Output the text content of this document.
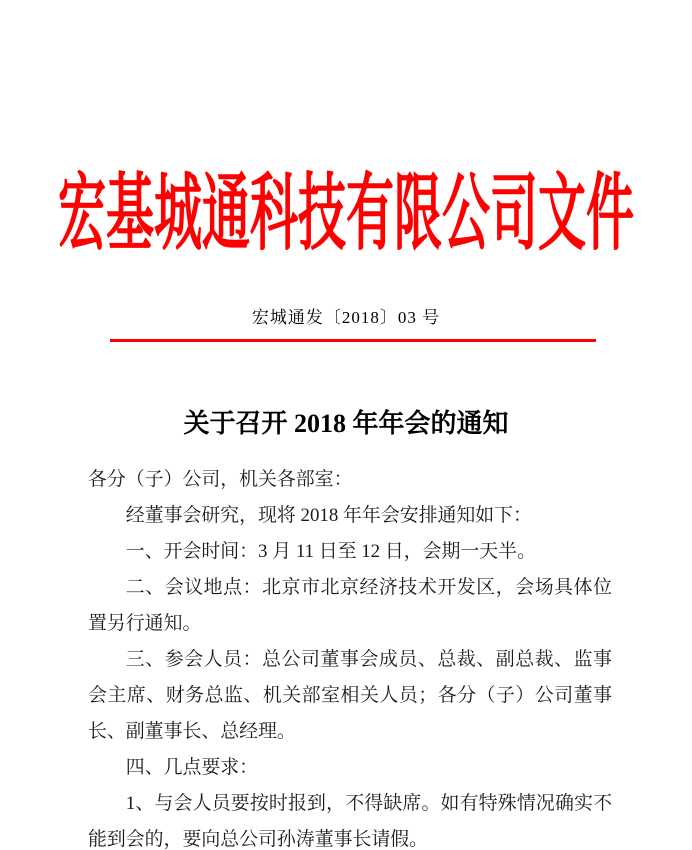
宏基城通科技有限公司文件
宏城通发〔2018〕03 号
关于召开 2018 年年会的通知

各分（子）公司，机关各部室：

经董事会研究，现将 2018 年年会安排通知如下：

一、开会时间：3 月 11 日至 12 日，会期一天半。

二、会议地点：北京市北京经济技术开发区，会场具体位置另行通知。

三、参会人员：总公司董事会成员、总裁、副总裁、监事会主席、财务总监、机关部室相关人员；各分（子）公司董事长、副董事长、总经理。

四、几点要求：

1、与会人员要按时报到，不得缺席。如有特殊情况确实不能到会的，要向总公司孙涛董事长请假。
